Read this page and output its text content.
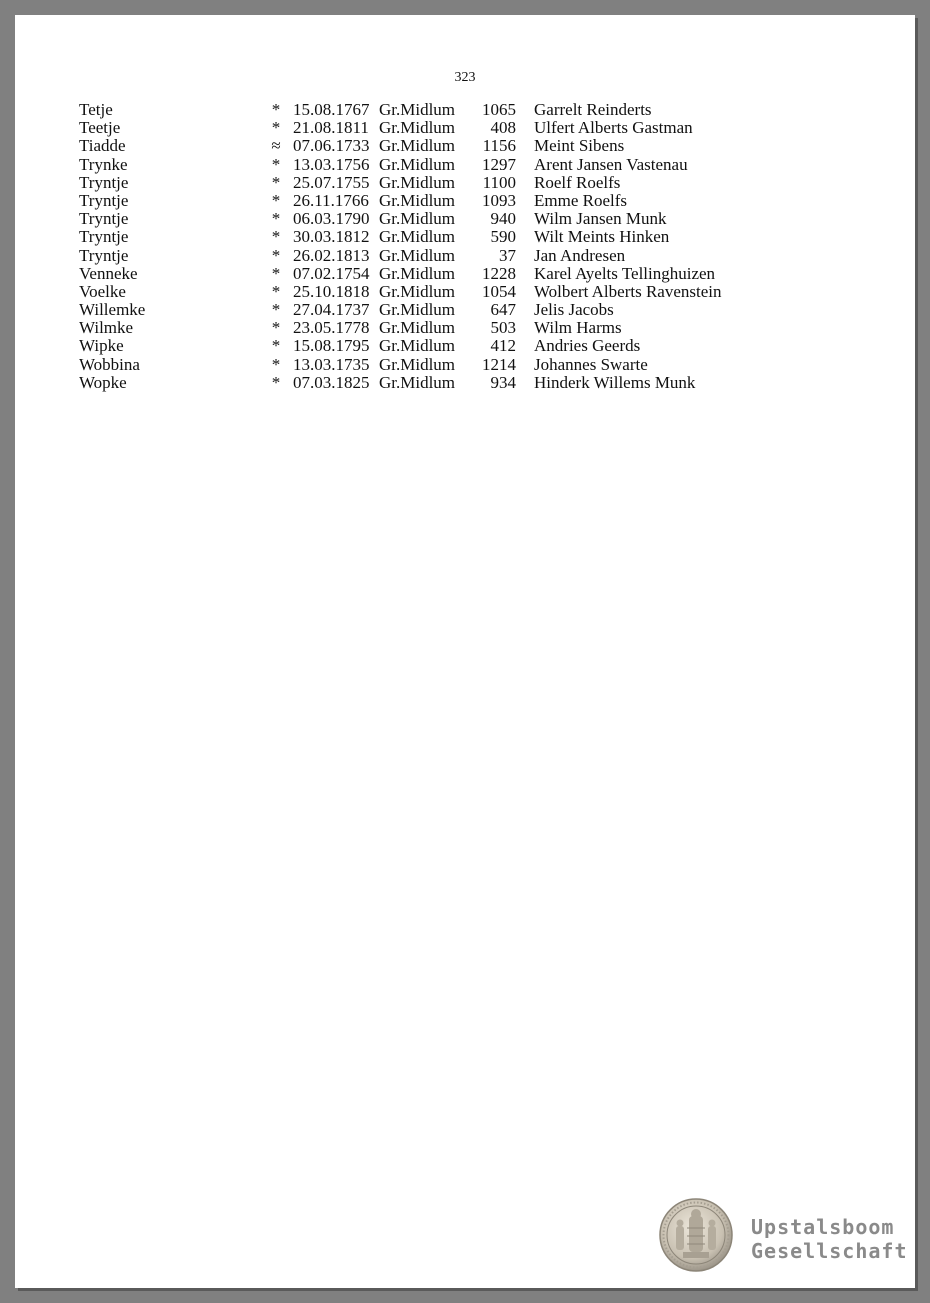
323
Tetje	* 15.08.1767 Gr.Midlum	1065 Garrelt Reinderts
Teetje	* 21.08.1811 Gr.Midlum	408 Ulfert Alberts Gastman
Tiadde	≈ 07.06.1733 Gr.Midlum	1156 Meint Sibens
Trynke	* 13.03.1756 Gr.Midlum	1297 Arent Jansen Vastenau
Tryntje	* 25.07.1755 Gr.Midlum	1100 Roelf Roelfs
Tryntje	* 26.11.1766 Gr.Midlum	1093 Emme Roelfs
Tryntje	* 06.03.1790 Gr.Midlum	940 Wilm Jansen Munk
Tryntje	* 30.03.1812 Gr.Midlum	590 Wilt Meints Hinken
Tryntje	* 26.02.1813 Gr.Midlum	37 Jan Andresen
Venneke	* 07.02.1754 Gr.Midlum	1228 Karel Ayelts Tellinghuizen
Voelke	* 25.10.1818 Gr.Midlum	1054 Wolbert Alberts Ravenstein
Willemke	* 27.04.1737 Gr.Midlum	647 Jelis Jacobs
Wilmke	* 23.05.1778 Gr.Midlum	503 Wilm Harms
Wipke	* 15.08.1795 Gr.Midlum	412 Andries Geerds
Wobbina	* 13.03.1735 Gr.Midlum	1214 Johannes Swarte
Wopke	* 07.03.1825 Gr.Midlum	934 Hinderk Willems Munk
Upstalsboom
Gesellschaft
